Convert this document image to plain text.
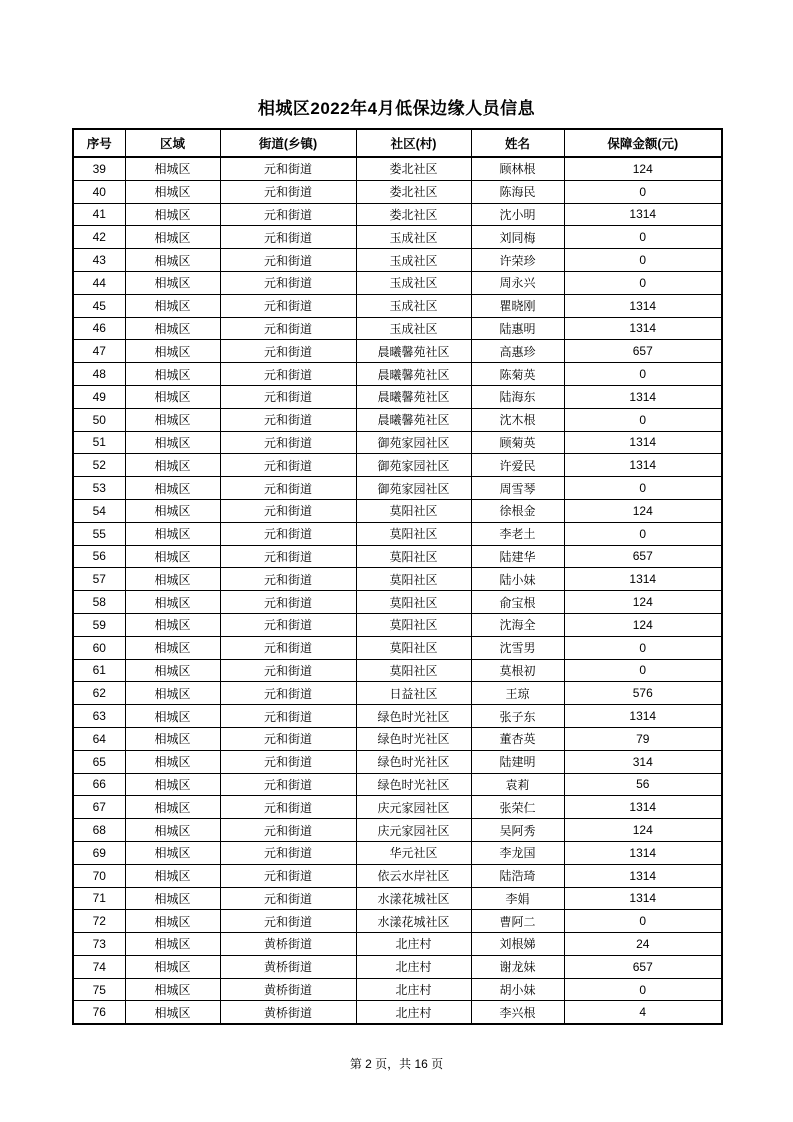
相城区2022年4月低保边缘人员信息
序号	区域	街道(乡镇)	社区(村)	姓名	保障金额(元)
39	相城区	元和街道	娄北社区	顾林根	124
40	相城区	元和街道	娄北社区	陈海民	0
41	相城区	元和街道	娄北社区	沈小明	1314
42	相城区	元和街道	玉成社区	刘同梅	0
43	相城区	元和街道	玉成社区	许荣珍	0
44	相城区	元和街道	玉成社区	周永兴	0
45	相城区	元和街道	玉成社区	瞿晓刚	1314
46	相城区	元和街道	玉成社区	陆惠明	1314
47	相城区	元和街道	晨曦馨苑社区	高惠珍	657
48	相城区	元和街道	晨曦馨苑社区	陈菊英	0
49	相城区	元和街道	晨曦馨苑社区	陆海东	1314
50	相城区	元和街道	晨曦馨苑社区	沈木根	0
51	相城区	元和街道	御苑家园社区	顾菊英	1314
52	相城区	元和街道	御苑家园社区	许爱民	1314
53	相城区	元和街道	御苑家园社区	周雪琴	0
54	相城区	元和街道	莫阳社区	徐根金	124
55	相城区	元和街道	莫阳社区	李老土	0
56	相城区	元和街道	莫阳社区	陆建华	657
57	相城区	元和街道	莫阳社区	陆小妹	1314
58	相城区	元和街道	莫阳社区	俞宝根	124
59	相城区	元和街道	莫阳社区	沈海全	124
60	相城区	元和街道	莫阳社区	沈雪男	0
61	相城区	元和街道	莫阳社区	莫根初	0
62	相城区	元和街道	日益社区	王琼	576
63	相城区	元和街道	绿色时光社区	张子东	1314
64	相城区	元和街道	绿色时光社区	董杏英	79
65	相城区	元和街道	绿色时光社区	陆建明	314
66	相城区	元和街道	绿色时光社区	袁莉	56
67	相城区	元和街道	庆元家园社区	张荣仁	1314
68	相城区	元和街道	庆元家园社区	吴阿秀	124
69	相城区	元和街道	华元社区	李龙国	1314
70	相城区	元和街道	依云水岸社区	陆浩琦	1314
71	相城区	元和街道	水漾花城社区	李娟	1314
72	相城区	元和街道	水漾花城社区	曹阿二	0
73	相城区	黄桥街道	北庄村	刘根娣	24
74	相城区	黄桥街道	北庄村	谢龙妹	657
75	相城区	黄桥街道	北庄村	胡小妹	0
76	相城区	黄桥街道	北庄村	李兴根	4
第 2 页，共 16 页
